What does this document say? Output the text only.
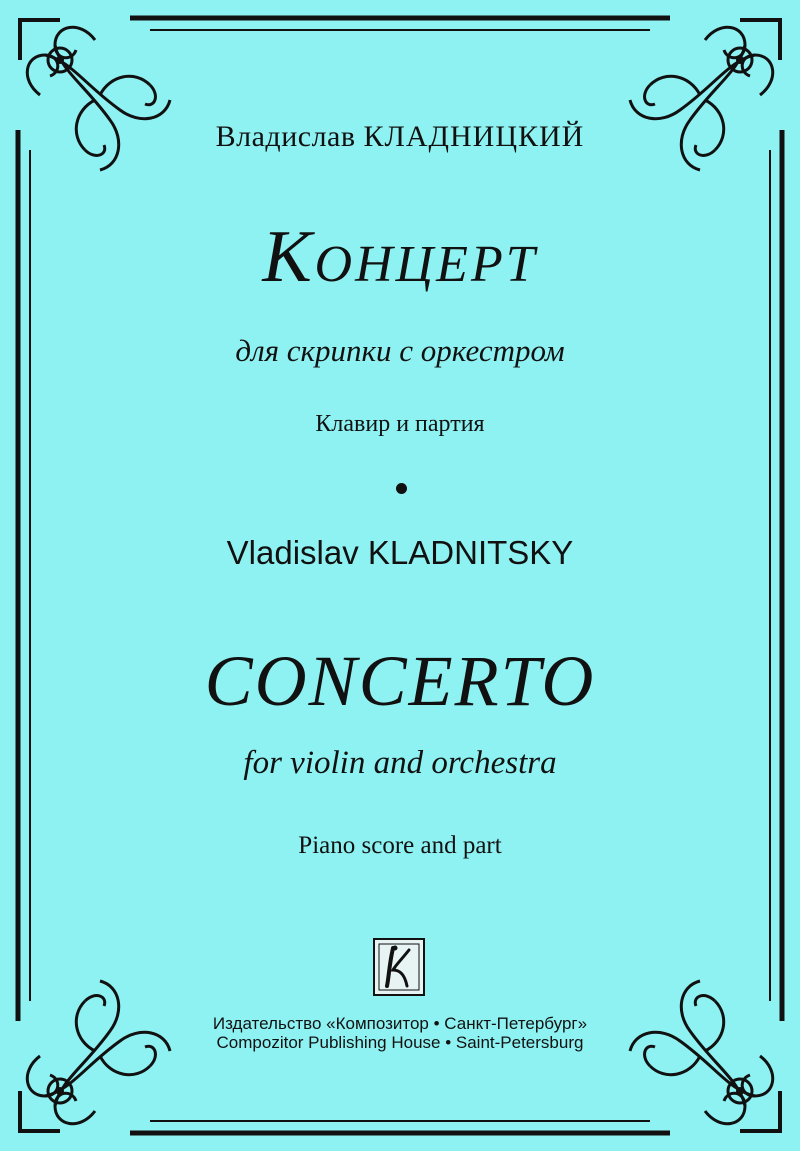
Владислав КЛАДНИЦКИЙ
Концерт
для скрипки с оркестром
Клавир и партия
Vladislav KLADNITSKY
CONCERTO
for violin and orchestra
Piano score and part
Издательство «Композитор • Санкт-Петербург»
Compozitor Publishing House • Saint-Petersburg
